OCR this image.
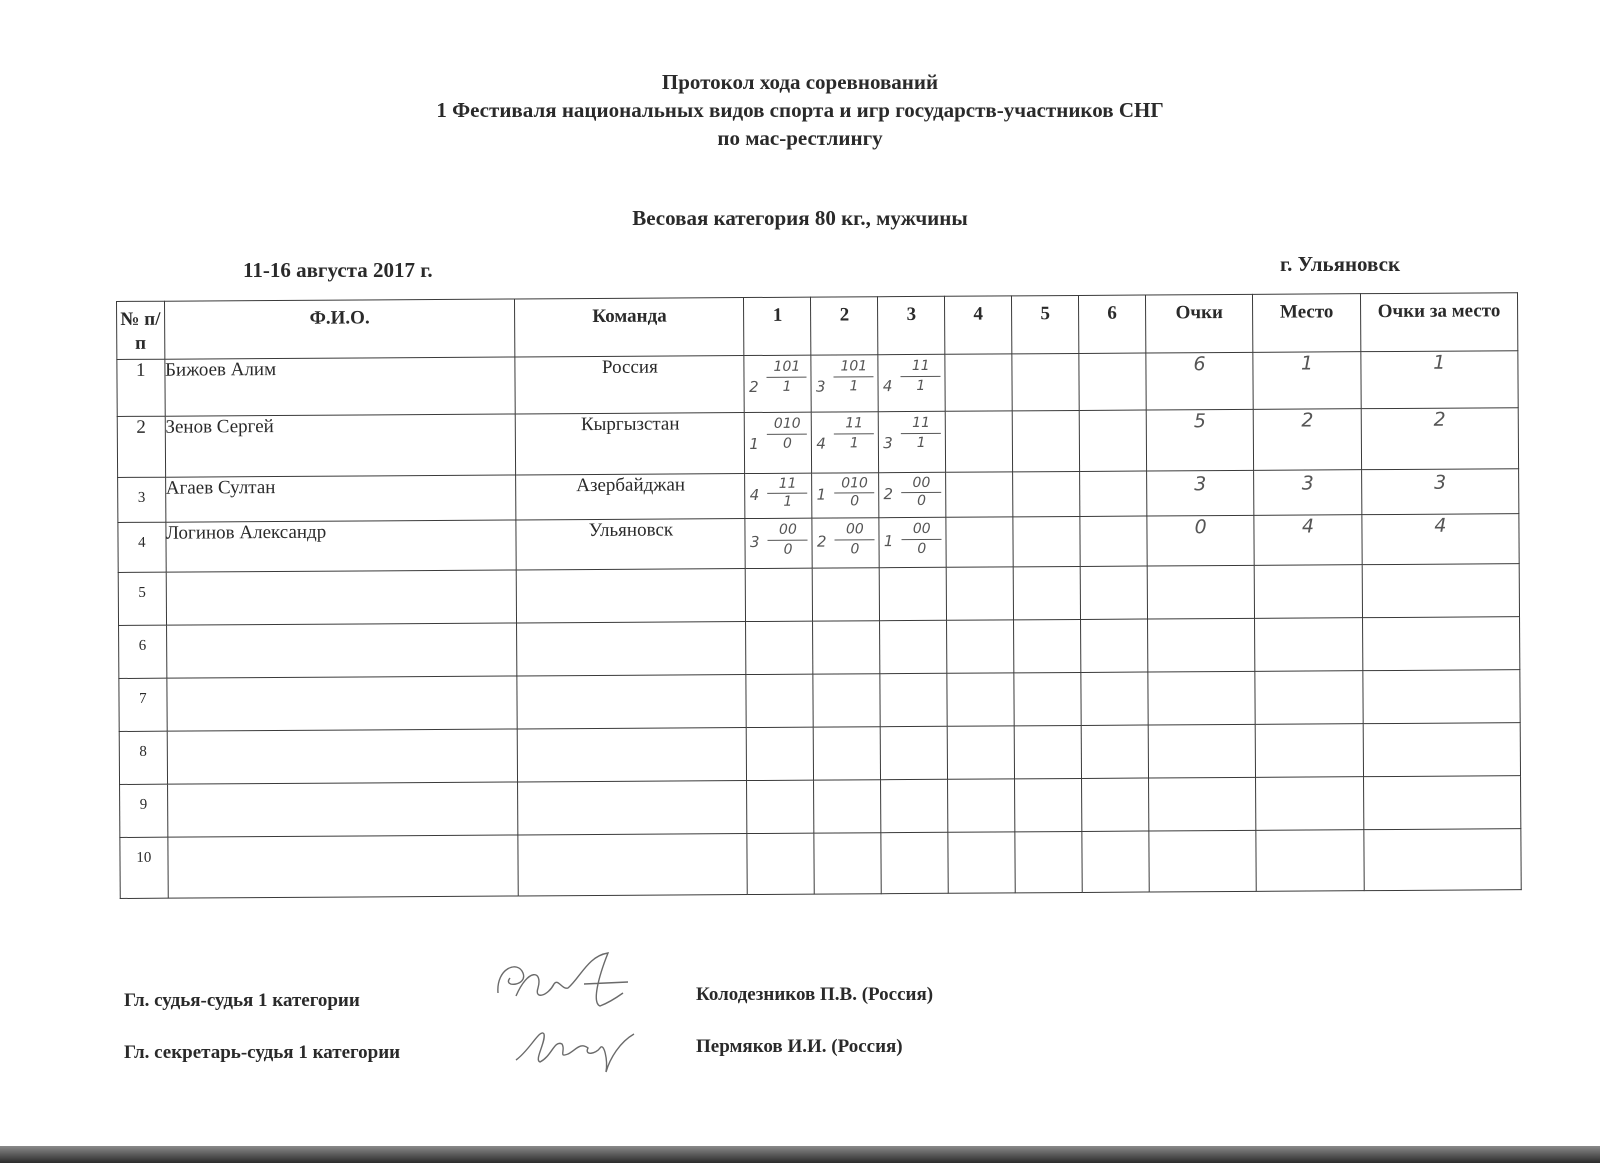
Протокол хода соревнований
1 Фестиваля национальных видов спорта и игр государств-участников СНГ
по мас-рестлингу
Весовая категория 80 кг., мужчины
11-16 августа 2017 г.	г. Ульяновск
№ п/п	Ф.И.О.	Команда	1	2	3	4	5	6	Очки	Место	Очки за место
1	Бижоев Алим	Россия	$2 \frac{101}{1}$	$3 \frac{101}{1}$	$4 \frac{11}{1}$				6	1	1
2	Зенов Сергей	Кыргызстан	$1 \frac{010}{0}$	$4 \frac{11}{1}$	$3 \frac{11}{1}$				5	2	2
3	Агаев Султан	Азербайджан	$4 \frac{11}{1}$	$1 \frac{010}{0}$	$2 \frac{00}{0}$				3	3	3
4	Логинов Александр	Ульяновск	$3 \frac{00}{0}$	$2 \frac{00}{0}$	$1 \frac{00}{0}$				0	4	4
5											
6											
7											
8											
9											
10											
Гл. судья-судья 1 категории	Колодезников П.В. (Россия)
Гл. секретарь-судья 1 категории	Пермяков И.И. (Россия)
